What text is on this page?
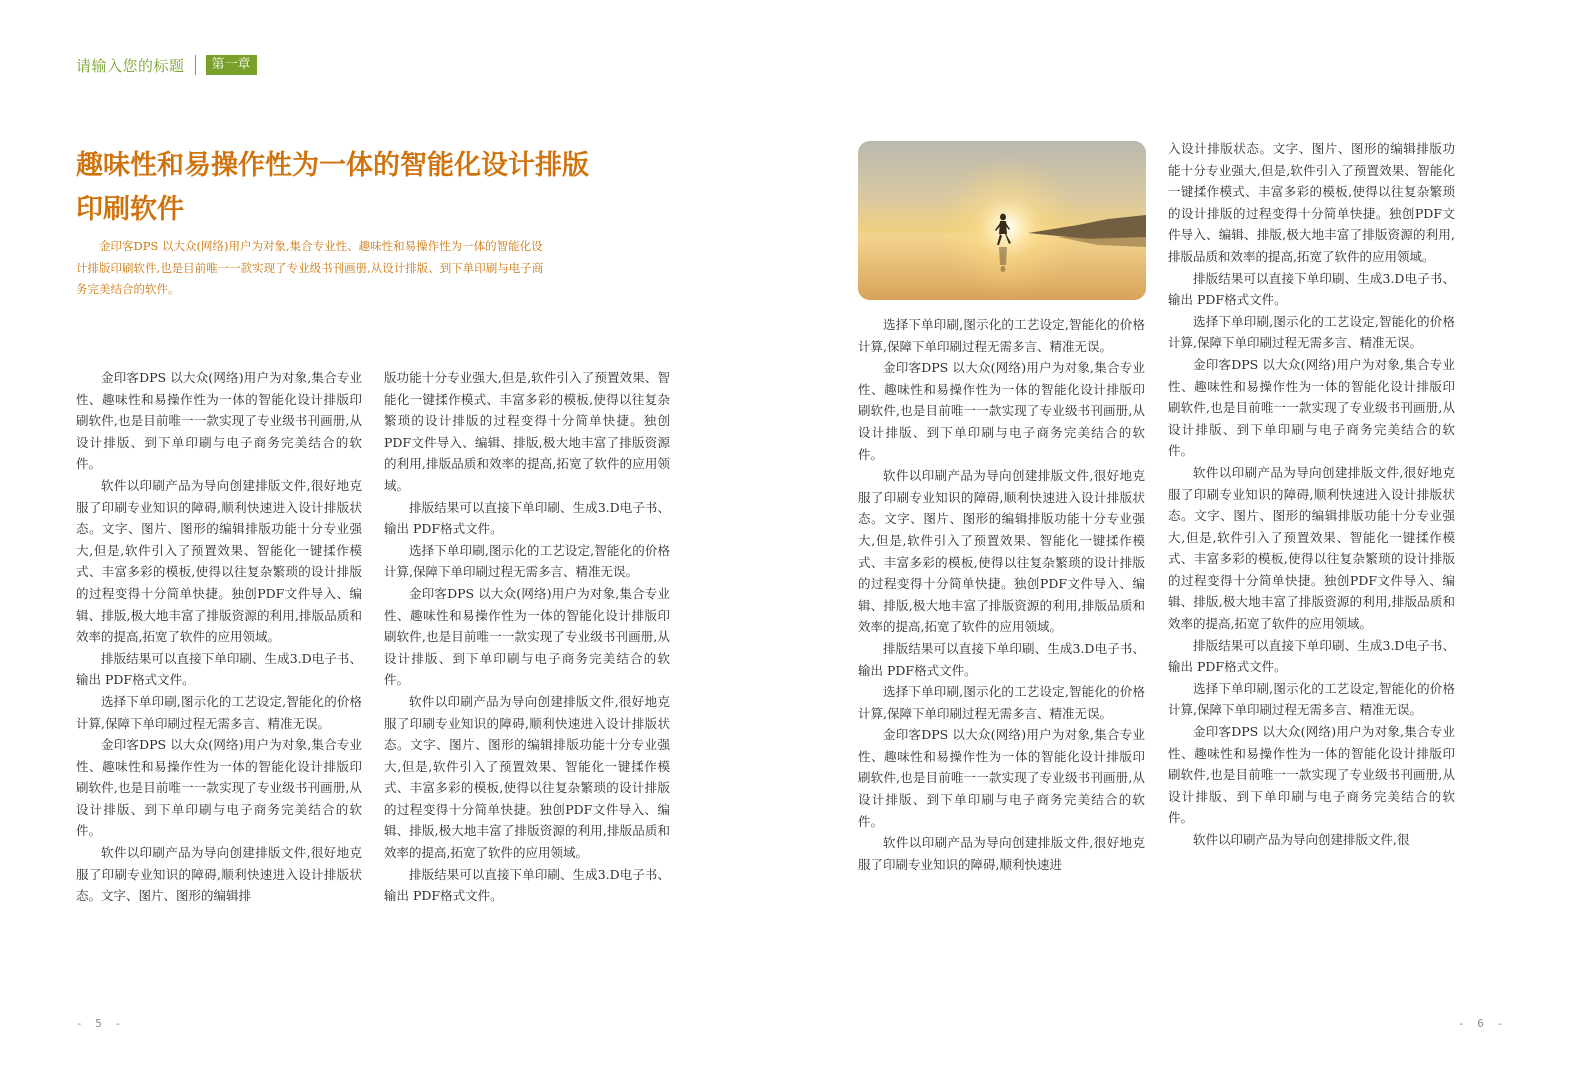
请输入您的标题	第一章
趣味性和易操作性为一体的智能化设计排版印刷软件

金印客DPS 以大众(网络)用户为对象,集合专业性、趣味性和易操作性为一体的智能化设计排版印刷软件,也是目前唯一一款实现了专业级书刊画册,从设计排版、到下单印刷与电子商务完美结合的软件。

金印客DPS 以大众(网络)用户为对象,集合专业性、趣味性和易操作性为一体的智能化设计排版印刷软件,也是目前唯一一款实现了专业级书刊画册,从设计排版、到下单印刷与电子商务完美结合的软件。

软件以印刷产品为导向创建排版文件,很好地克服了印刷专业知识的障碍,顺利快速进入设计排版状态。文字、图片、图形的编辑排版功能十分专业强大,但是,软件引入了预置效果、智能化一键揉作模式、丰富多彩的模板,使得以往复杂繁琐的设计排版的过程变得十分简单快捷。独创PDF文件导入、编辑、排版,极大地丰富了排版资源的利用,排版品质和效率的提高,拓宽了软件的应用领域。

排版结果可以直接下单印刷、生成3.D电子书、输出 PDF格式文件。

选择下单印刷,图示化的工艺设定,智能化的价格计算,保障下单印刷过程无需多言、精准无误。

金印客DPS 以大众(网络)用户为对象,集合专业性、趣味性和易操作性为一体的智能化设计排版印刷软件,也是目前唯一一款实现了专业级书刊画册,从设计排版、到下单印刷与电子商务完美结合的软件。

软件以印刷产品为导向创建排版文件,很好地克服了印刷专业知识的障碍,顺利快速进入设计排版状态。文字、图片、图形的编辑排

版功能十分专业强大,但是,软件引入了预置效果、智能化一键揉作模式、丰富多彩的模板,使得以往复杂繁琐的设计排版的过程变得十分简单快捷。独创PDF文件导入、编辑、排版,极大地丰富了排版资源的利用,排版品质和效率的提高,拓宽了软件的应用领域。

排版结果可以直接下单印刷、生成3.D电子书、输出 PDF格式文件。

选择下单印刷,图示化的工艺设定,智能化的价格计算,保障下单印刷过程无需多言、精准无误。

金印客DPS 以大众(网络)用户为对象,集合专业性、趣味性和易操作性为一体的智能化设计排版印刷软件,也是目前唯一一款实现了专业级书刊画册,从设计排版、到下单印刷与电子商务完美结合的软件。

软件以印刷产品为导向创建排版文件,很好地克服了印刷专业知识的障碍,顺利快速进入设计排版状态。文字、图片、图形的编辑排版功能十分专业强大,但是,软件引入了预置效果、智能化一键揉作模式、丰富多彩的模板,使得以往复杂繁琐的设计排版的过程变得十分简单快捷。独创PDF文件导入、编辑、排版,极大地丰富了排版资源的利用,排版品质和效率的提高,拓宽了软件的应用领域。

排版结果可以直接下单印刷、生成3.D电子书、输出 PDF格式文件。

- 5 -

选择下单印刷,图示化的工艺设定,智能化的价格计算,保障下单印刷过程无需多言、精准无误。

金印客DPS 以大众(网络)用户为对象,集合专业性、趣味性和易操作性为一体的智能化设计排版印刷软件,也是目前唯一一款实现了专业级书刊画册,从设计排版、到下单印刷与电子商务完美结合的软件。

软件以印刷产品为导向创建排版文件,很好地克服了印刷专业知识的障碍,顺利快速进入设计排版状态。文字、图片、图形的编辑排版功能十分专业强大,但是,软件引入了预置效果、智能化一键揉作模式、丰富多彩的模板,使得以往复杂繁琐的设计排版的过程变得十分简单快捷。独创PDF文件导入、编辑、排版,极大地丰富了排版资源的利用,排版品质和效率的提高,拓宽了软件的应用领域。

排版结果可以直接下单印刷、生成3.D电子书、输出 PDF格式文件。

选择下单印刷,图示化的工艺设定,智能化的价格计算,保障下单印刷过程无需多言、精准无误。

金印客DPS 以大众(网络)用户为对象,集合专业性、趣味性和易操作性为一体的智能化设计排版印刷软件,也是目前唯一一款实现了专业级书刊画册,从设计排版、到下单印刷与电子商务完美结合的软件。

软件以印刷产品为导向创建排版文件,很好地克服了印刷专业知识的障碍,顺利快速进

入设计排版状态。文字、图片、图形的编辑排版功能十分专业强大,但是,软件引入了预置效果、智能化一键揉作模式、丰富多彩的模板,使得以往复杂繁琐的设计排版的过程变得十分简单快捷。独创PDF文件导入、编辑、排版,极大地丰富了排版资源的利用,排版品质和效率的提高,拓宽了软件的应用领域。

排版结果可以直接下单印刷、生成3.D电子书、输出 PDF格式文件。

选择下单印刷,图示化的工艺设定,智能化的价格计算,保障下单印刷过程无需多言、精准无误。

金印客DPS 以大众(网络)用户为对象,集合专业性、趣味性和易操作性为一体的智能化设计排版印刷软件,也是目前唯一一款实现了专业级书刊画册,从设计排版、到下单印刷与电子商务完美结合的软件。

软件以印刷产品为导向创建排版文件,很好地克服了印刷专业知识的障碍,顺利快速进入设计排版状态。文字、图片、图形的编辑排版功能十分专业强大,但是,软件引入了预置效果、智能化一键揉作模式、丰富多彩的模板,使得以往复杂繁琐的设计排版的过程变得十分简单快捷。独创PDF文件导入、编辑、排版,极大地丰富了排版资源的利用,排版品质和效率的提高,拓宽了软件的应用领域。

排版结果可以直接下单印刷、生成3.D电子书、输出 PDF格式文件。

选择下单印刷,图示化的工艺设定,智能化的价格计算,保障下单印刷过程无需多言、精准无误。

金印客DPS 以大众(网络)用户为对象,集合专业性、趣味性和易操作性为一体的智能化设计排版印刷软件,也是目前唯一一款实现了专业级书刊画册,从设计排版、到下单印刷与电子商务完美结合的软件。

软件以印刷产品为导向创建排版文件,很

- 6 -
